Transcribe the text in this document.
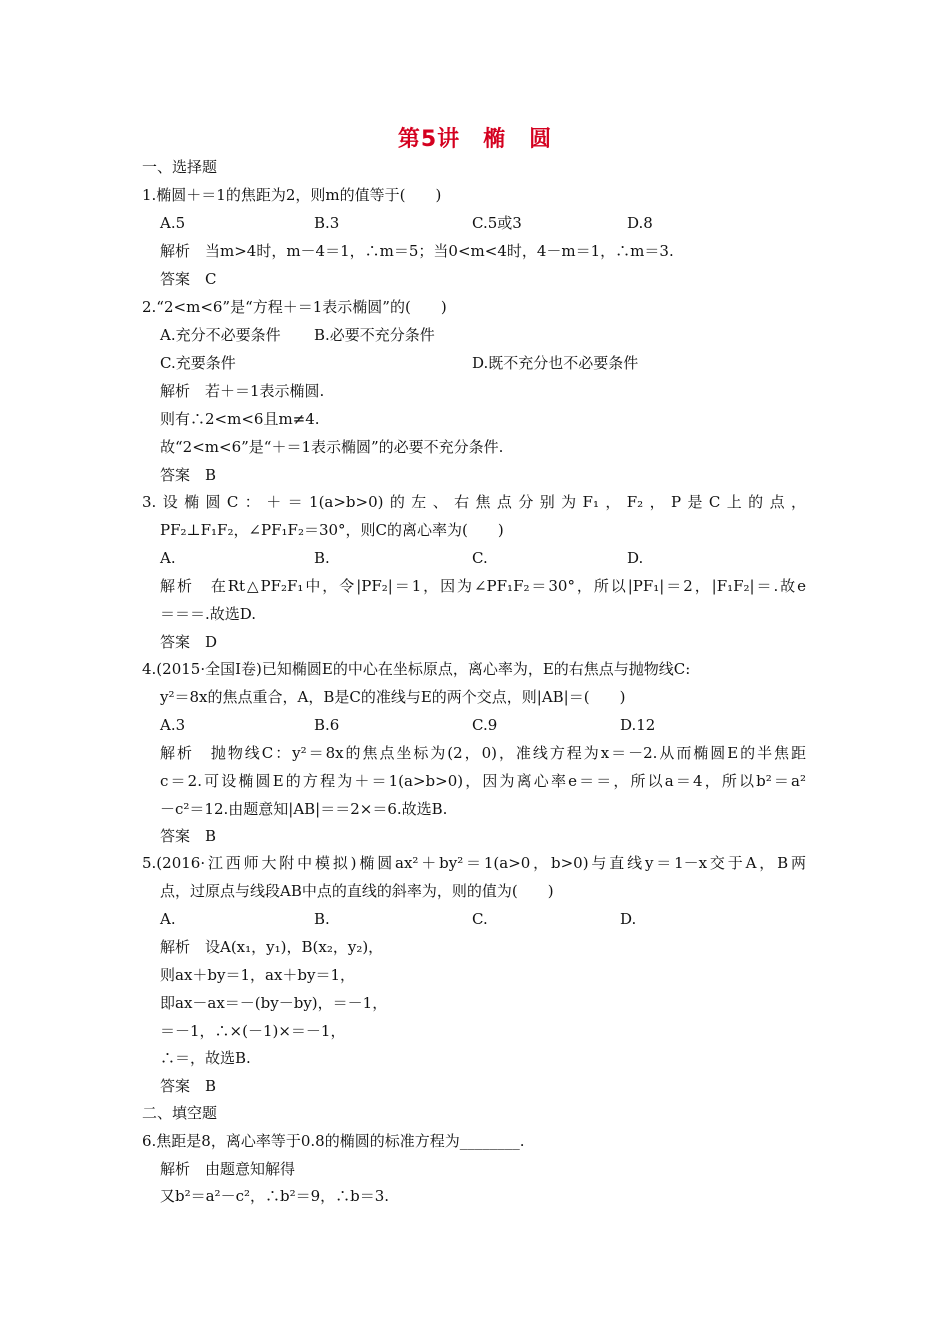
第5讲　椭　圆
一、选择题
1.椭圆＋＝1的焦距为2，则m的值等于(　　)
A.5	B.3	C.5或3	D.8
解析　当m>4时，m－4＝1，∴m＝5；当0<m<4时，4－m＝1，∴m＝3.
答案　C
2.“2<m<6”是“方程＋＝1表示椭圆”的(　　)
A.充分不必要条件 B.必要不充分条件
C.充要条件	D.既不充分也不必要条件
解析　若＋＝1表示椭圆.
则有∴2<m<6且m≠4.
故“2<m<6”是“＋＝1表示椭圆”的必要不充分条件.
答案　B
3.设椭圆C：＋＝1(a>b>0)的左、右焦点分别为F₁，F₂，P是C上的点，
PF₂⊥F₁F₂，∠PF₁F₂＝30°，则C的离心率为(　　)
A.	B.	C.	D.
解析　在Rt△PF₂F₁中，令|PF₂|＝1，因为∠PF₁F₂＝30°，所以|PF₁|＝2，|F₁F₂|＝.故e
＝＝＝.故选D.
答案　D
4.(2015·全国Ⅰ卷)已知椭圆E的中心在坐标原点，离心率为，E的右焦点与抛物线C:
y²＝8x的焦点重合，A，B是C的准线与E的两个交点，则|AB|＝(　　)
A.3	B.6	C.9	D.12
解析　抛物线C：y²＝8x的焦点坐标为(2，0)，准线方程为x＝－2.从而椭圆E的半焦距
c＝2.可设椭圆E的方程为＋＝1(a>b>0)，因为离心率e＝＝，所以a＝4，所以b²＝a²
－c²＝12.由题意知|AB|＝＝2×＝6.故选B.
答案　B
5.(2016·江西师大附中模拟)椭圆ax²＋by²＝1(a>0，b>0)与直线y＝1－x交于A，B两
点，过原点与线段AB中点的直线的斜率为，则的值为(　　)
A.	B.	C.	D.
解析　设A(x₁，y₁)，B(x₂，y₂)，
则ax＋by＝1，ax＋by＝1，
即ax－ax＝－(by－by)，＝－1，
＝－1，∴×(－1)×＝－1，
∴＝，故选B.
答案　B
二、填空题
6.焦距是8，离心率等于0.8的椭圆的标准方程为________.
解析　由题意知解得
又b²＝a²－c²，∴b²＝9，∴b＝3.
